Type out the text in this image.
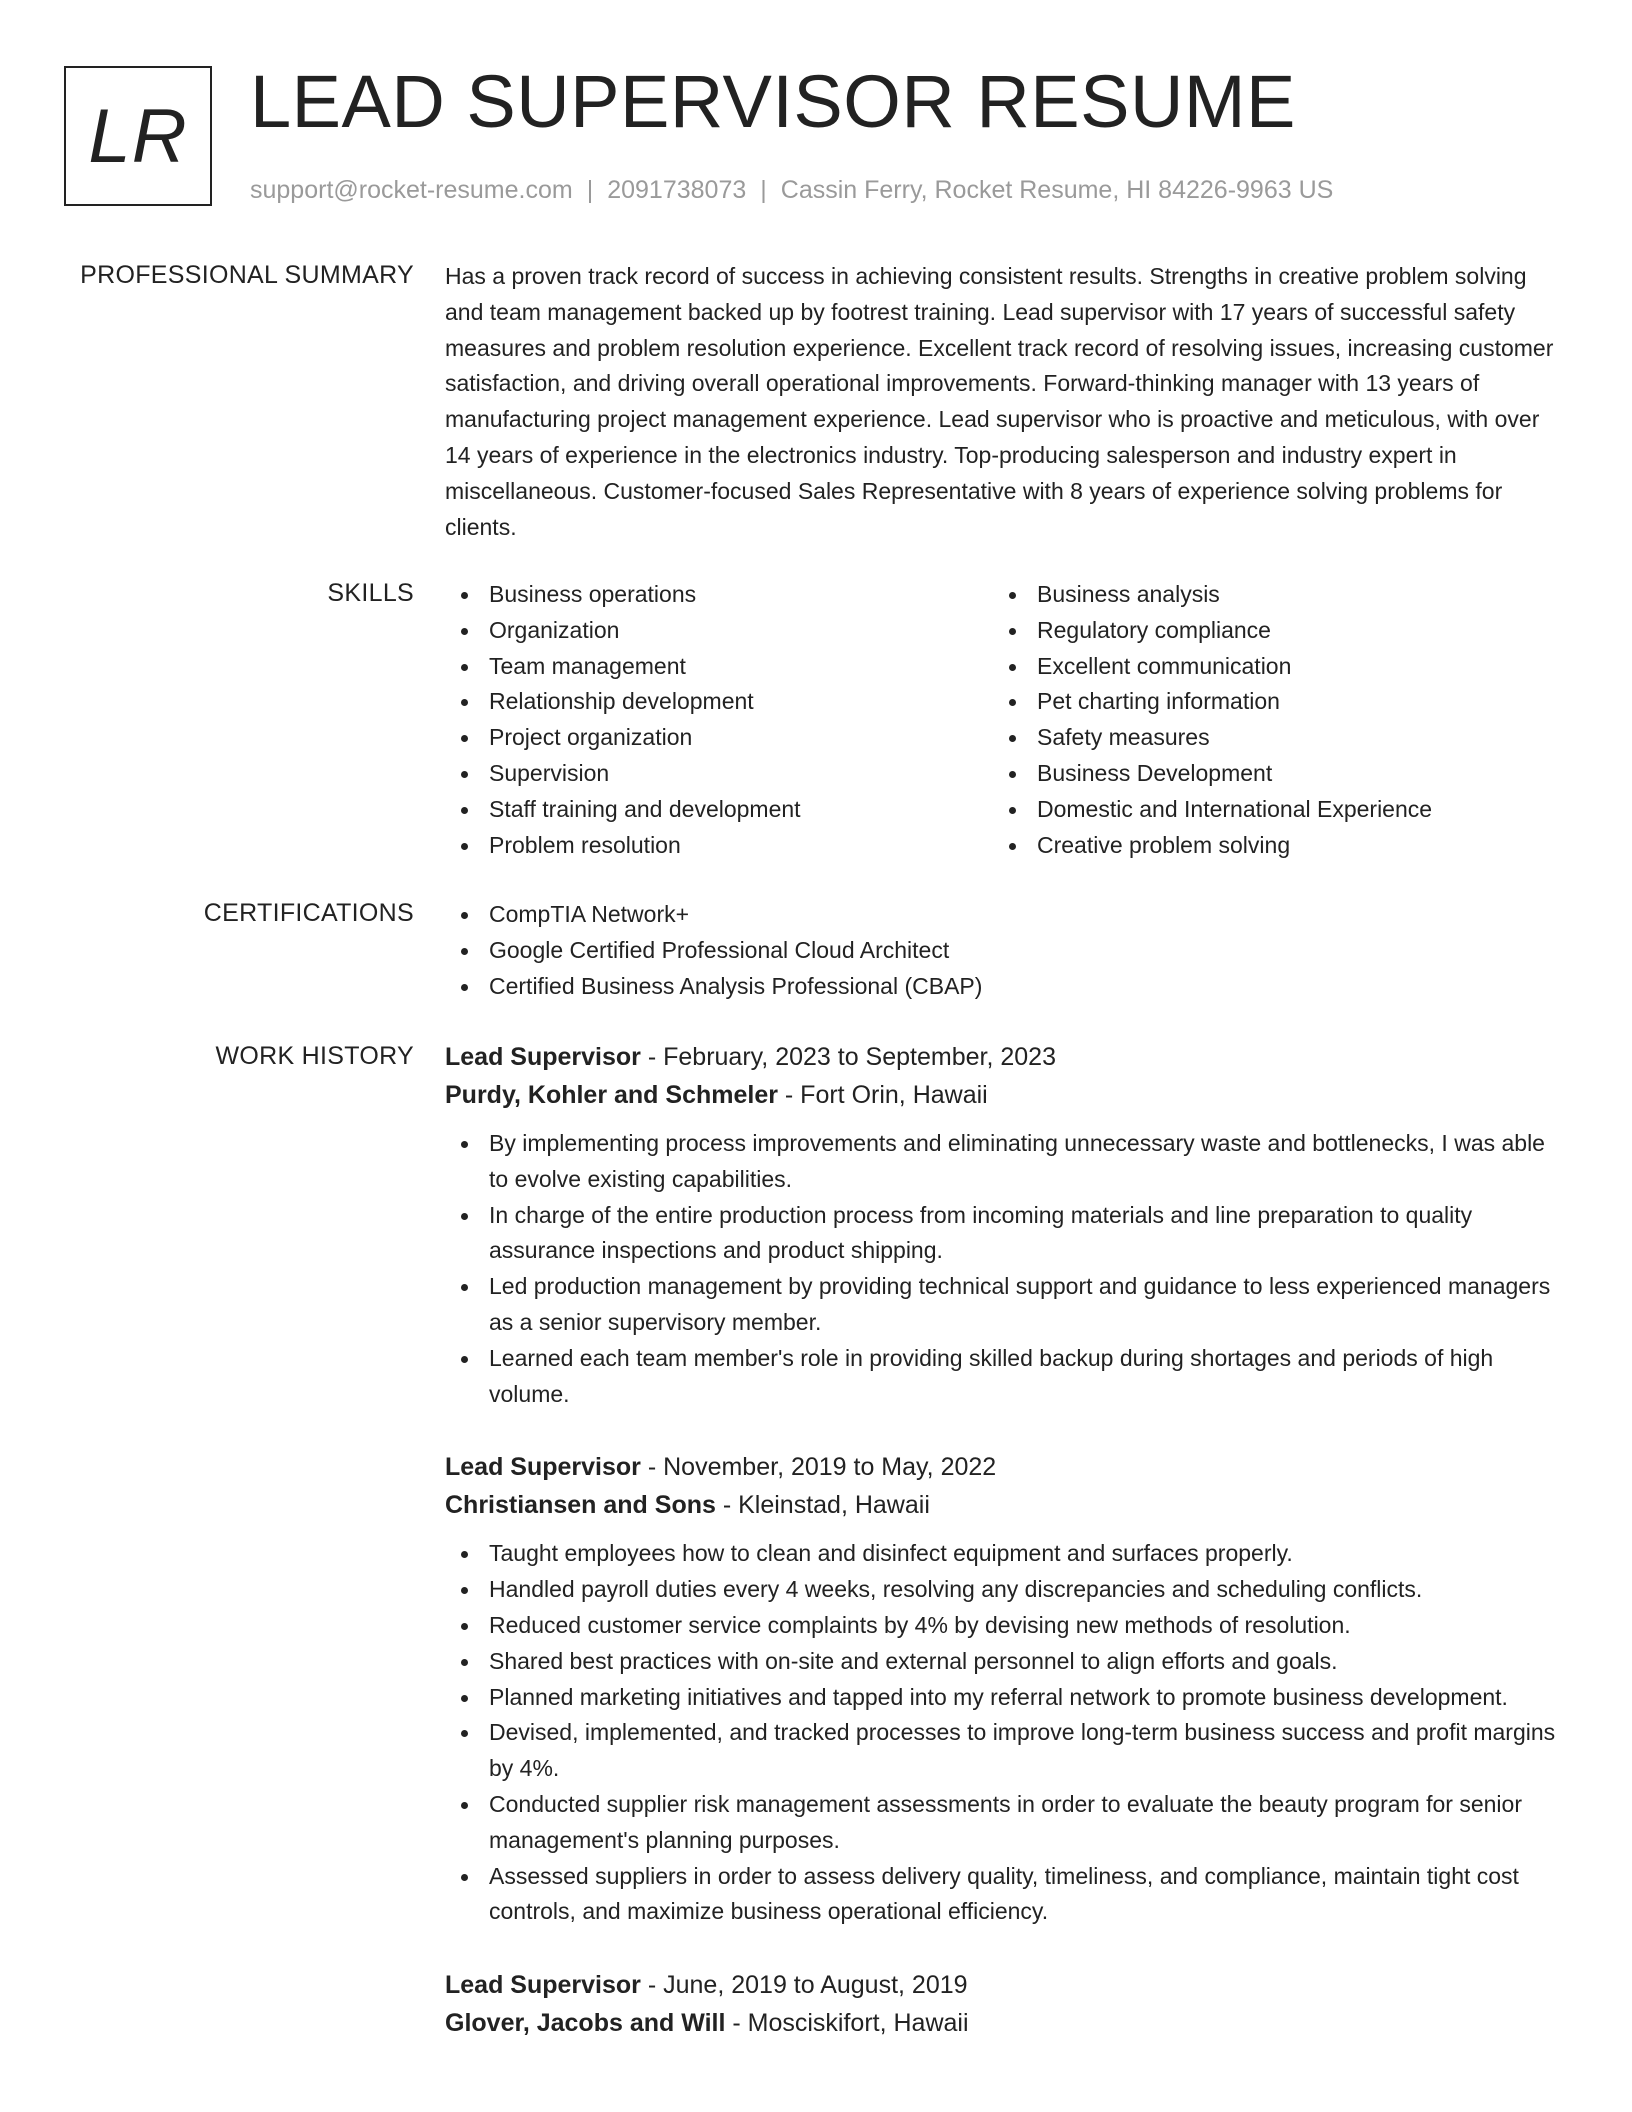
LR LEAD SUPERVISOR RESUME
support@rocket-resume.com | 2091738073 | Cassin Ferry, Rocket Resume, HI 84226-9963 US
PROFESSIONAL SUMMARY Has a proven track record of success in achieving consistent results. Strengths in creative problem solving and team management backed up by footrest training. Lead supervisor with 17 years of successful safety measures and problem resolution experience. Excellent track record of resolving issues, increasing customer satisfaction, and driving overall operational improvements. Forward-thinking manager with 13 years of manufacturing project management experience. Lead supervisor who is proactive and meticulous, with over 14 years of experience in the electronics industry. Top-producing salesperson and industry expert in miscellaneous. Customer-focused Sales Representative with 8 years of experience solving problems for clients.

SKILLS	Business operations
Organization
Team management
Relationship development
Project organization
Supervision
Staff training and development
Problem resolution
Business analysis
Regulatory compliance
Excellent communication
Pet charting information
Safety measures
Business Development
Domestic and International Experience
Creative problem solving
CERTIFICATIONS	CompTIA Network+
Google Certified Professional Cloud Architect
Certified Business Analysis Professional (CBAP)
WORK HISTORY Lead Supervisor - February, 2023 to September, 2023
Purdy, Kohler and Schmeler - Fort Orin, Hawaii
By implementing process improvements and eliminating unnecessary waste and bottlenecks, I was able to evolve existing capabilities.
In charge of the entire production process from incoming materials and line preparation to quality assurance inspections and product shipping.
Led production management by providing technical support and guidance to less experienced managers as a senior supervisory member.
Learned each team member's role in providing skilled backup during shortages and periods of high volume.
Lead Supervisor - November, 2019 to May, 2022
Christiansen and Sons - Kleinstad, Hawaii
Taught employees how to clean and disinfect equipment and surfaces properly.
Handled payroll duties every 4 weeks, resolving any discrepancies and scheduling conflicts.
Reduced customer service complaints by 4% by devising new methods of resolution.
Shared best practices with on-site and external personnel to align efforts and goals.
Planned marketing initiatives and tapped into my referral network to promote business development.
Devised, implemented, and tracked processes to improve long-term business success and profit margins by 4%.
Conducted supplier risk management assessments in order to evaluate the beauty program for senior management's planning purposes.
Assessed suppliers in order to assess delivery quality, timeliness, and compliance, maintain tight cost controls, and maximize business operational efficiency.
Lead Supervisor - June, 2019 to August, 2019
Glover, Jacobs and Will - Mosciskifort, Hawaii
